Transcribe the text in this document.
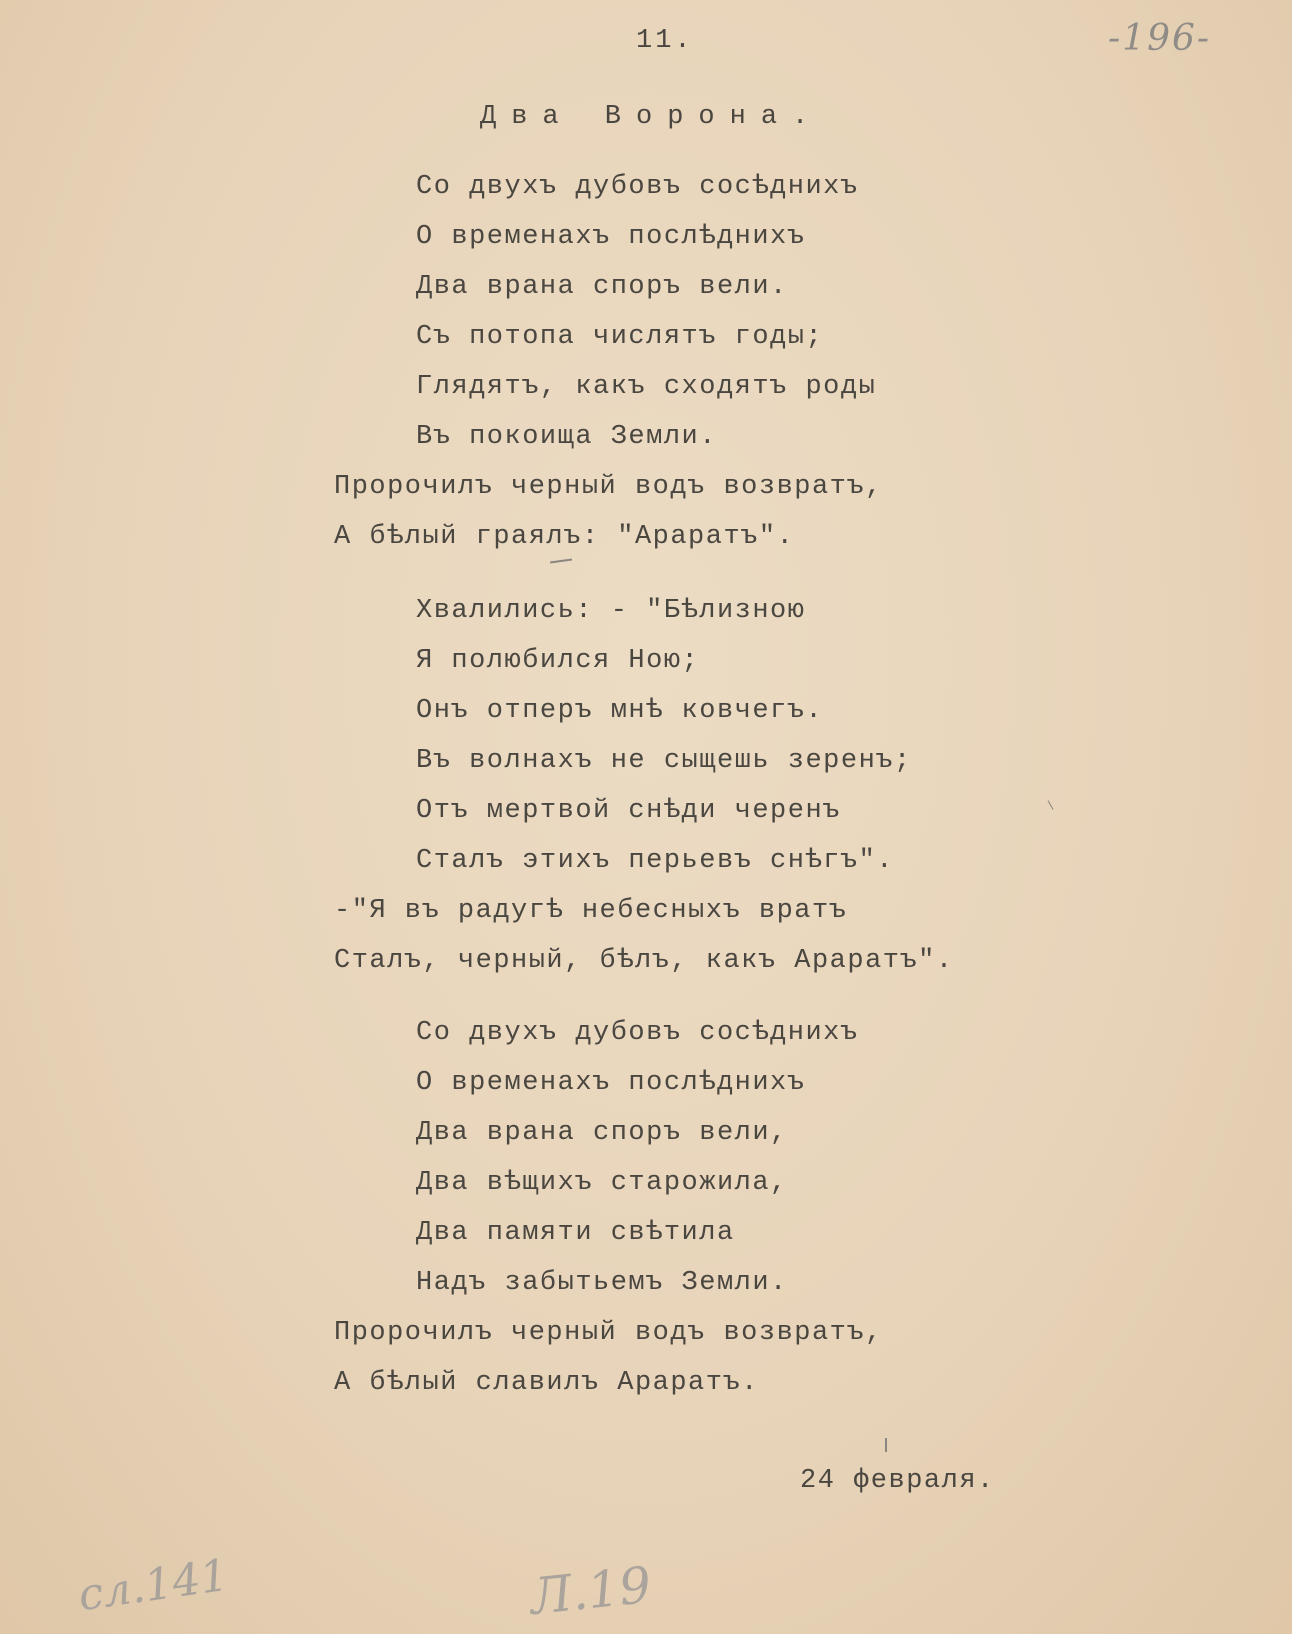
11.	-196-
Два Ворона.
Со двухъ дубовъ сосѣднихъ
О временахъ послѣднихъ
Два врана споръ вели.
Съ потопа числятъ годы;
Глядятъ, какъ сходятъ роды
Въ покоища Земли.
Пророчилъ черный водъ возвратъ,
А бѣлый граялъ: "Араратъ".
Хвалились: - "Бѣлизною
Я полюбился Ною;
Онъ отперъ мнѣ ковчегъ.
Въ волнахъ не сыщешь зеренъ;
Отъ мертвой снѣди черенъ
Сталъ этихъ перьевъ снѣгъ".
-"Я въ радугѣ небесныхъ вратъ
Сталъ, черный, бѣлъ, какъ Араратъ".
Со двухъ дубовъ сосѣднихъ
О временахъ послѣднихъ
Два врана споръ вели,
Два вѣщихъ старожила,
Два памяти свѣтила
Надъ забытьемъ Земли.
Пророчилъ черный водъ возвратъ,
А бѣлый славилъ Араратъ.
24 февраля.
сл.141	Л.19
